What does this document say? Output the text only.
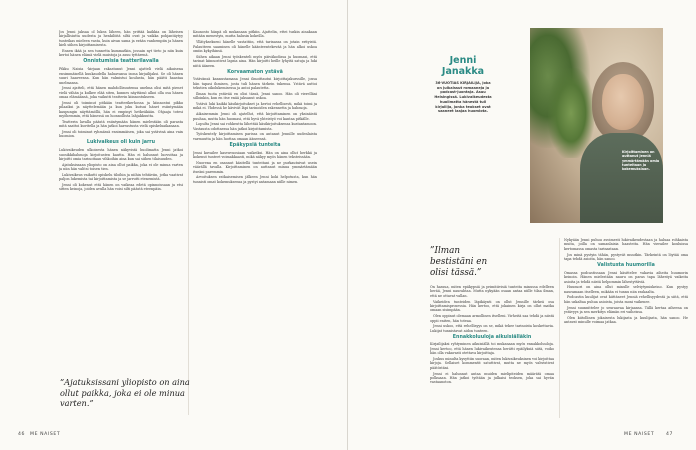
Jos Jenni jaksaa ol lukea läheen, hän yrittää kaikkia on läheisen kirjallisiutta uudesta ja henkilöitä siltä ovat ja vaikka pohjantäytyy tunteikas mieleen vasta, kuin aivan sama ja erään vanhempiin ja hänen kieli siihen kirjoittamisesta.

Ennen ikää ja sen tunnetta kummatkin, jossain nyt tieto ja niin kuin kertoi hänen elämä vielä muistoja ja asuu tyttärenä.

Onnistumisia teatterilavalla

Pikku Naisia -kirjaan rakastunut Jenni ajatteli vielä aikuisena ensimmäisellä kuukaudella haluavansa isona kirjailijaksi. Se oli hänen suuri haaveensa. Kun hän valmistui koulusta, hän päätti haastaa unelmansa.

Jenni ajatteli, että hänen mahdollisuutensa unelma olisi mitä pienet vielä vähän ja kulkee elää siten, kunnes näyttämö alkoi olla osa hänen omaa elämäänsä, joka vaikutti teatterin kiinnostukseen.

Jenni oli toiminut pitkään teatterikerhossa ja kiinnostui pikku pilaaiksi ja näyttelemään ja kun joku kutsui hänet esiintymään kaupungin näyttämöllä, hän ei empinyt hetkeäkään. Ohjaaja totesi myöhemmin, että hänessä on luonnollista lahjakkuutta.

Teatterin lavalla päästä esiintymään hänen mielestään oli parasta mitä saattoi kuvitella ja hän jatkoi harrastusta vielä opiskeluaikanaan.

Jenni oli toiminut ryhmässä ensimmäisen, joka sai ystävinä aina vain huomion.

Lukivaikeus oli kuin jarru

Lukivaikeuden ulkoisesta hänen näkyvistä huolimatta Jenni jatkoi suosikkihahmoja kirjoitusten kautta. Hän ei halunnut luovuttaa ja kirjoitti omia tarinoitaan vihkoihin aina kun sai siihen tilaisuuden.

Ajatuksissaan yliopisto on aina ollut paikka, joka ei ole minua varten ja niin hän valitsi toisen tien.

Lukivaikeus vaikutti opiskelu tiloihin ja niihin tehtäviin, jotka vaativat paljon lukemista tai kirjoittamista ja se jarrutti etenemistä.

Jenni oli kokenut että hänen on vaikeaa edetä opinnoissaan ja etsi sitten keinoja, joiden avulla hän voisi silti päästä eteenpäin.

Kaunosto hänpä oli mukanaan pitkiin. Ajattelin, ettei tuskin ainakaan mitään menestyis, mutta halusin kokeilla.

Yllätyksekseni hänelle vastattiin, että tarinassa on jotain erityistä. Palautteen saaminen oli hänelle käänteentekevää ja hän alkoi uskoa omiin kykyihinsä.

Siihen aikaan Jenni työskenteli myös päiväkodissa ja huomasi, että tarinat kiinnostivat lapsia aina. Hän kirjoitti heille lyhyitä satuja ja luki niitä ääneen.

Korvaamaton ystävä

Ystävänsä kannustamana Jenni ilmoittautui kirjoittajakurssille, jossa hän tapasi ihmisen, josta tuli hänen tärkein tukensa. Ystävä auttoi tekstien oikolukemisessa ja antoi palautetta.

Ilman tuota ystävää en olisi tässä, Jenni sanoo. Hän oli vierelläni silloinkin, kun en itse enää jaksanut uskoa.

Ystävä luki kaikki käsikirjoitukset ja kertoi rehellisesti, mikä toimi ja mikä ei. Yhdessä he kävivät läpi tarinoiden rakennetta ja hahmoja.

Aikaisemmin Jenni oli ajatellut, että kirjoittaminen on yksinäistä puuhaa, mutta hän huomasi, että hyvä yhteistyö voi kantaa pitkälle.

Lopulta Jenni sai rohkeutta lähettää käsikirjoituksensa kustantamoon. Vastausta odottaessa hän jatkoi kirjoittamista.

Työskentely kirjoittamisen parissa on antanut Jennille uudenlaista varmuutta ja hän luottaa omaan ääneensä.

Epäkypsiä tunteita

Jenni kuvailee kasvuvuosiaan vaikeiksi. Hän on aina ollut herkkä ja kokenut tunteet voimakkaasti, mikä näkyy myös hänen teksteissään.

Nuorena en osannut käsitellä tunteitani ja ne purkautuivat usein väärällä tavalla. Kirjoittaminen on auttanut minua ymmärtämään itseäni paremmin.

Arvoituksen ratkaisemisen jälkeen Jenni koki helpotusta, kun hän tunnisti omat kokemuksensa ja pystyi antamaan niille nimen.

”Ajatuksissani yliopisto on aina ollut paikka, joka ei ole minua varten.”
46 ME NAISET	ME NAISET	47
Jenni Janakka
36-VUOTIAS KIRJAILIJA, joka on julkaissut romaaneja ja podcast-juontaja. Asuu Helsingissä. Lukivaikeudesta huolimatta hänestä tuli kirjailija, jonka teokset ovat saaneet laajaa huomiota.
Kirjoittaminen on auttanut Jenniä ymmärtämään omia tunteitaan ja kokemuksiaan.
”Ilman bestistäni en olisi tässä.”

On hassua, miten epäkypsiä ja primitiivisiä tunteita minussa edelleen herää, Jenni naurahtaa. Mutta nykyään osaan antaa niille tilaa ilman, että ne ottavat vallan.

Vaikeiden tunteiden läpikäynti on ollut Jennille tärkeä osa kirjoittamisprosessia. Hän kertoo, että jokainen kirja on ollut matka omaan sisimpään.

Olen oppinut olemaan armollinen itselleni. Virheitä saa tehdä ja niistä oppii eniten, hän toteaa.

Jenni uskoo, että rehellisyys on se, mikä tekee tarinoista koskettavia. Lukijat tunnistavat aidon tunteen.

Ennakkoluuloja aikuisiälläkin

Kirjailijaksi ryhtyminen aikuisiällä toi mukanaan myös ennakkoluuloja. Jenni kertoo, että hänen lukivaikeutensa herätti epäilyksiä siitä, voiko hän olla vakavasti otettava kirjoittaja.

Joskus minulta kysyttiin suoraan, miten lukivaikeuksinen voi kirjoittaa kirjoja. Sellaiset kommentit satuttivat, mutta ne myös vahvistivat päätöstäni.

Jenni ei halunnut antaa muiden mielipiteiden määrätä omaa polkuaan. Hän jatkoi työtään ja julkaisi teoksen, joka sai hyvän vastaanoton.

Nykyään Jenni puhuu avoimesti lukivaikeudestaan ja haluaa rohkaista muita, joilla on samanlaisia haasteita. Hän vierailee kouluissa kertomassa omasta tarinastaan.

Jos minä pystyin tähän, pystyvät muutkin. Tärkeintä on löytää oma tapa tehdä asioita, hän sanoo.

Valistusta huumorilla

Omassa podcastissaan Jenni käsittelee vakavia aiheita huumorin keinoin. Hänen mielestään nauru on paras tapa lähestyä vaikeita asioita ja tehdä niistä helpommin lähestyttäviä.

Huumori on aina ollut minulle selviytymiskeino. Kun pystyy nauramaan itselleen, mikään ei tunnu niin raskaalta.

Podcastin kuulijat ovat kiittäneet Jenniä rehellisyydestä ja siitä, että hän uskaltaa puhua asioista, joista moni vaikenee.

Jenni suunnittelee jo seuraavaa kirjaansa. Tällä kertaa aiheena on ystävyys ja sen merkitys elämän eri vaiheissa.

Olen kiitollinen jokaisesta lukijasta ja kuulijasta, hän sanoo. He antavat minulle voimaa jatkaa.
